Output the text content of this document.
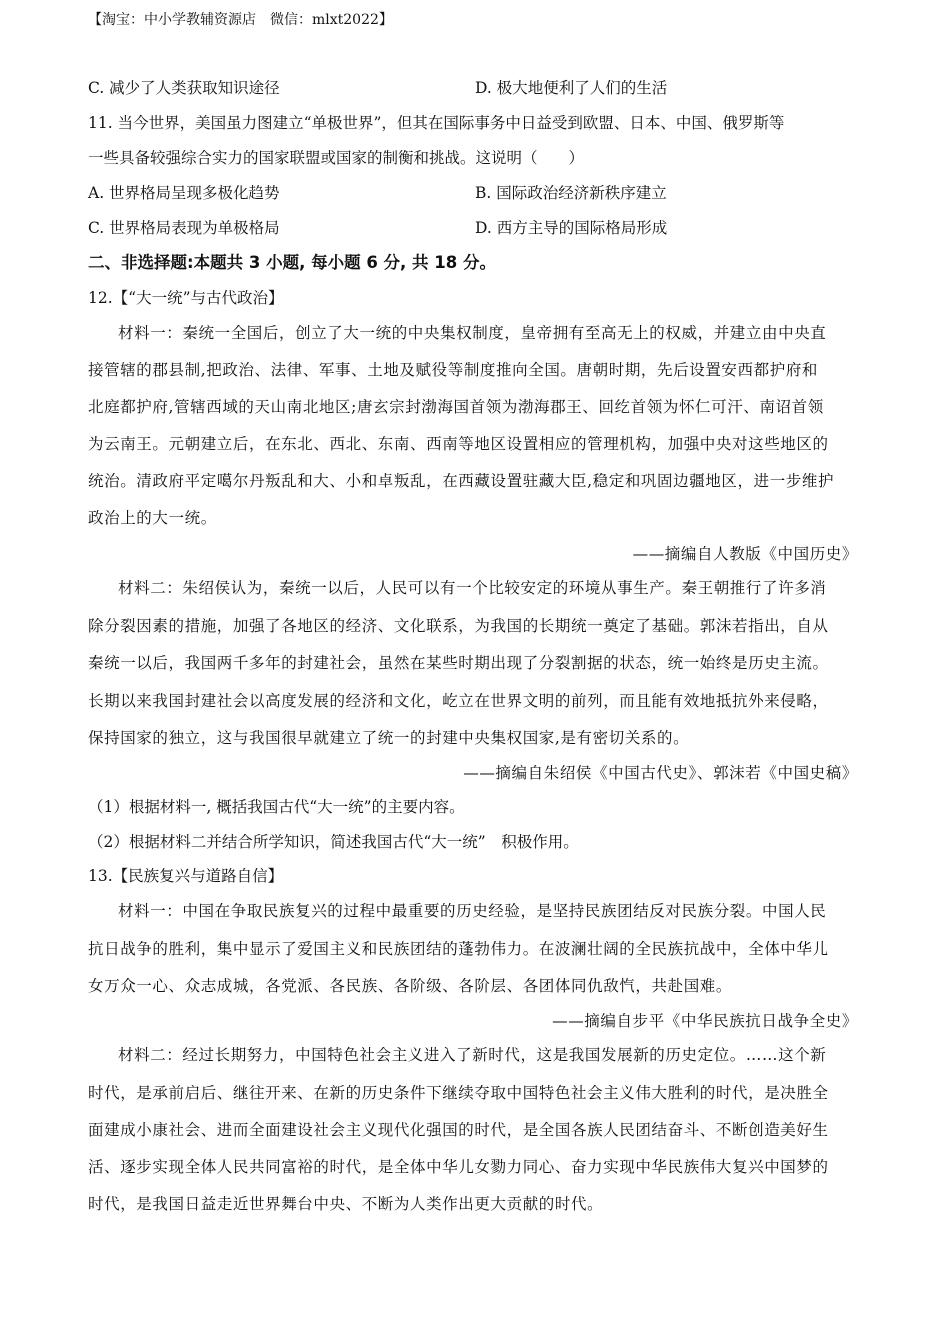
【淘宝：中小学教辅资源店　微信：mlxt2022】
C. 减少了人类获取知识途径	D. 极大地便利了人们的生活
11. 当今世界，美国虽力图建立“单极世界”，但其在国际事务中日益受到欧盟、日本、中国、俄罗斯等
一些具备较强综合实力的国家联盟或国家的制衡和挑战。这说明（　　）
A. 世界格局呈现多极化趋势	B. 国际政治经济新秩序建立
C. 世界格局表现为单极格局	D. 西方主导的国际格局形成
二、非选择题:本题共 3 小题, 每小题 6 分, 共 18 分。
12.【“大一统”与古代政治】
材料一：秦统一全国后，创立了大一统的中央集权制度，皇帝拥有至高无上的权威，并建立由中央直
接管辖的郡县制,把政治、法律、军事、土地及赋役等制度推向全国。唐朝时期，先后设置安西都护府和
北庭都护府,管辖西域的天山南北地区;唐玄宗封渤海国首领为渤海郡王、回纥首领为怀仁可汗、南诏首领
为云南王。元朝建立后，在东北、西北、东南、西南等地区设置相应的管理机构，加强中央对这些地区的
统治。清政府平定噶尔丹叛乱和大、小和卓叛乱，在西藏设置驻藏大臣,稳定和巩固边疆地区，进一步维护
政治上的大一统。
——摘编自人教版《中国历史》
材料二：朱绍侯认为，秦统一以后，人民可以有一个比较安定的环境从事生产。秦王朝推行了许多消
除分裂因素的措施，加强了各地区的经济、文化联系，为我国的长期统一奠定了基础。郭沫若指出，自从
秦统一以后，我国两千多年的封建社会，虽然在某些时期出现了分裂割据的状态，统一始终是历史主流。
长期以来我国封建社会以高度发展的经济和文化，屹立在世界文明的前列，而且能有效地抵抗外来侵略，
保持国家的独立，这与我国很早就建立了统一的封建中央集权国家,是有密切关系的。
——摘编自朱绍侯《中国古代史》、郭沫若《中国史稿》
（1）根据材料一, 概括我国古代“大一统”的主要内容。
（2）根据材料二并结合所学知识，简述我国古代“大一统”　积极作用。
13.【民族复兴与道路自信】
材料一：中国在争取民族复兴的过程中最重要的历史经验，是坚持民族团结反对民族分裂。中国人民
抗日战争的胜利，集中显示了爱国主义和民族团结的蓬勃伟力。在波澜壮阔的全民族抗战中，全体中华儿
女万众一心、众志成城，各党派、各民族、各阶级、各阶层、各团体同仇敌忾，共赴国难。
——摘编自步平《中华民族抗日战争全史》
材料二：经过长期努力，中国特色社会主义进入了新时代，这是我国发展新的历史定位。……这个新
时代，是承前启后、继往开来、在新的历史条件下继续夺取中国特色社会主义伟大胜利的时代，是决胜全
面建成小康社会、进而全面建设社会主义现代化强国的时代，是全国各族人民团结奋斗、不断创造美好生
活、逐步实现全体人民共同富裕的时代，是全体中华儿女勠力同心、奋力实现中华民族伟大复兴中国梦的
时代，是我国日益走近世界舞台中央、不断为人类作出更大贡献的时代。
